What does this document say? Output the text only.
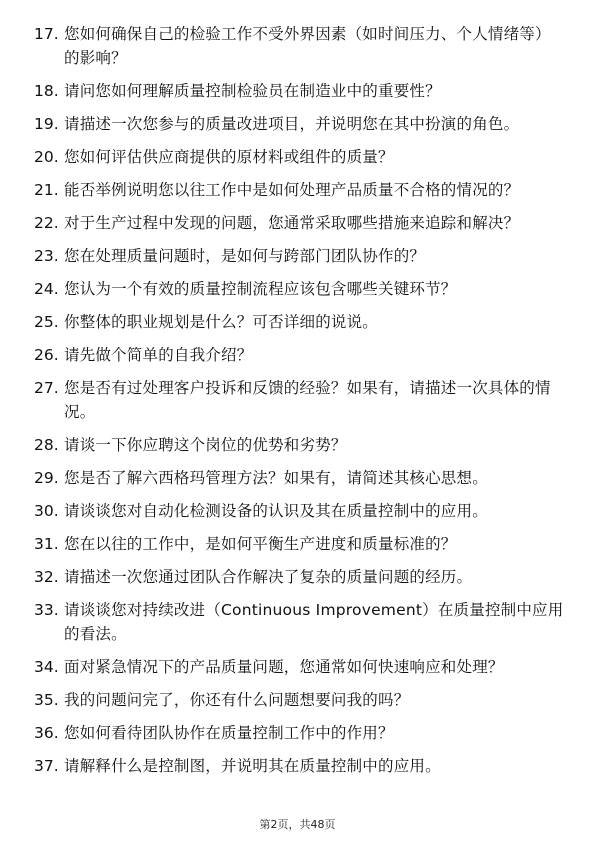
17. 您如何确保自己的检验工作不受外界因素（如时间压力、个人情绪等）的影响？
18. 请问您如何理解质量控制检验员在制造业中的重要性？
19. 请描述一次您参与的质量改进项目，并说明您在其中扮演的角色。
20. 您如何评估供应商提供的原材料或组件的质量？
21. 能否举例说明您以往工作中是如何处理产品质量不合格的情况的？
22. 对于生产过程中发现的问题，您通常采取哪些措施来追踪和解决？
23. 您在处理质量问题时，是如何与跨部门团队协作的？
24. 您认为一个有效的质量控制流程应该包含哪些关键环节？
25. 你整体的职业规划是什么？可否详细的说说。
26. 请先做个简单的自我介绍？
27. 您是否有过处理客户投诉和反馈的经验？如果有，请描述一次具体的情况。
28. 请谈一下你应聘这个岗位的优势和劣势？
29. 您是否了解六西格玛管理方法？如果有，请简述其核心思想。
30. 请谈谈您对自动化检测设备的认识及其在质量控制中的应用。
31. 您在以往的工作中，是如何平衡生产进度和质量标准的？
32. 请描述一次您通过团队合作解决了复杂的质量问题的经历。
33. 请谈谈您对持续改进（Continuous Improvement）在质量控制中应用的看法。
34. 面对紧急情况下的产品质量问题，您通常如何快速响应和处理？
35. 我的问题问完了，你还有什么问题想要问我的吗？
36. 您如何看待团队协作在质量控制工作中的作用？
37. 请解释什么是控制图，并说明其在质量控制中的应用。
第2页，共48页
